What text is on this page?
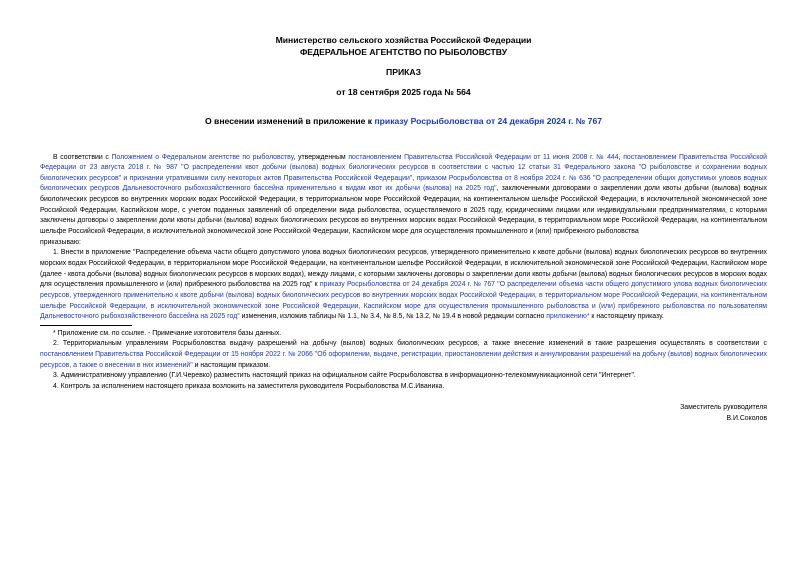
Министерство сельского хозяйства Российской Федерации
ФЕДЕРАЛЬНОЕ АГЕНТСТВО ПО РЫБОЛОВСТВУ
ПРИКАЗ
от 18 сентября 2025 года № 564
О внесении изменений в приложение к приказу Росрыболовства от 24 декабря 2024 г. № 767

В соответствии с Положением о Федеральном агентстве по рыболовству, утвержденным постановлением Правительства Российской Федерации от 11 июня 2008 г. № 444, постановлением Правительства Российской Федерации от 23 августа 2018 г. № 987 "О распределении квот добычи (вылова) водных биологических ресурсов в соответствии с частью 12 статьи 31 Федерального закона "О рыболовстве и сохранении водных биологических ресурсов" и признании утратившими силу некоторых актов Правительства Российской Федерации", приказом Росрыболовства от 8 ноября 2024 г. № 636 "О распределении общих допустимых уловов водных биологических ресурсов Дальневосточного рыбохозяйственного бассейна применительно к видам квот их добычи (вылова) на 2025 год", заключенными договорами о закреплении доли квоты добычи (вылова) водных биологических ресурсов во внутренних морских водах Российской Федерации, в территориальном море Российской Федерации, на континентальном шельфе Российской Федерации, в исключительной экономической зоне Российской Федерации, Каспийском море, с учетом поданных заявлений об определении вида рыболовства, осуществляемого в 2025 году, юридическими лицами или индивидуальными предпринимателями, с которыми заключены договоры о закреплении доли квоты добычи (вылова) водных биологических ресурсов во внутренних морских водах Российской Федерации, в территориальном море Российской Федерации, на континентальном шельфе Российской Федерации, в исключительной экономической зоне Российской Федерации, Каспийском море для осуществления промышленного и (или) прибрежного рыболовства

приказываю:

1. Внести в приложение "Распределение объема части общего допустимого улова водных биологических ресурсов, утвержденного применительно к квоте добычи (вылова) водных биологических ресурсов во внутренних морских водах Российской Федерации, в территориальном море Российской Федерации, на континентальном шельфе Российской Федерации, в исключительной экономической зоне Российской Федерации, Каспийском море (далее - квота добычи (вылова) водных биологических ресурсов в морских водах), между лицами, с которыми заключены договоры о закреплении доли квоты добычи (вылова) водных биологических ресурсов в морских водах для осуществления промышленного и (или) прибрежного рыболовства на 2025 год" к приказу Росрыболовства от 24 декабря 2024 г. № 767 "О распределении объема части общего допустимого улова водных биологических ресурсов, утвержденного применительно к квоте добычи (вылова) водных биологических ресурсов во внутренних морских водах Российской Федерации, в территориальном море Российской Федерации, на континентальном шельфе Российской Федерации, в исключительной экономической зоне Российской Федерации, Каспийском море для осуществления промышленного рыболовства и (или) прибрежного рыболовства по пользователям Дальневосточного рыбохозяйственного бассейна на 2025 год" изменения, изложив таблицы № 1.1, № 3.4, № 8.5, № 13.2, № 19.4 в новой редакции согласно приложению* к настоящему приказу.

* Приложение см. по ссылке. - Примечание изготовителя базы данных.

2. Территориальным управлениям Росрыболовства выдачу разрешений на добычу (вылов) водных биологических ресурсов, а также внесение изменений в такие разрешения осуществлять в соответствии с постановлением Правительства Российской Федерации от 15 ноября 2022 г. № 2066 "Об оформлении, выдаче, регистрации, приостановлении действия и аннулировании разрешений на добычу (вылов) водных биологических ресурсов, а также о внесении в них изменений" и настоящим приказом.

3. Административному управлению (Г.И.Черевко) разместить настоящий приказ на официальном сайте Росрыболовства в информационно-телекоммуникационной сети "Интернет".

4. Контроль за исполнением настоящего приказа возложить на заместителя руководителя Росрыболовства М.С.Иваника.

Заместитель руководителя
В.И.Соколов
